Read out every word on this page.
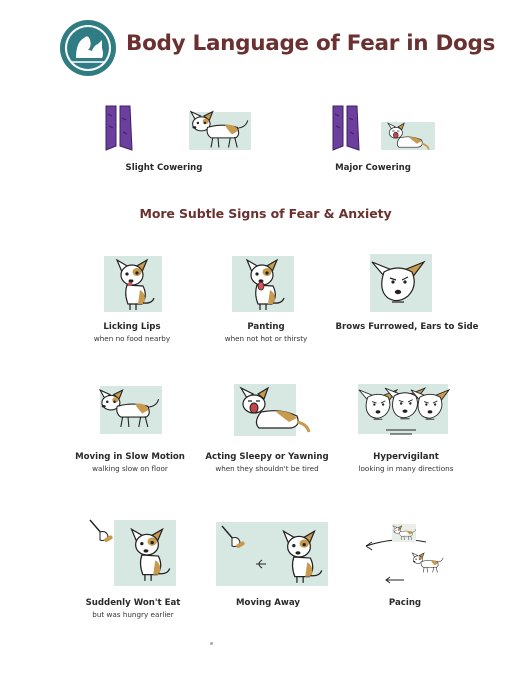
Body Language of Fear in Dogs
Slight Cowering	Major Cowering
More Subtle Signs of Fear & Anxiety
Licking Lips
when no food nearby
Panting
when not hot or thirsty
Brows Furrowed, Ears to Side
Moving in Slow Motion
walking slow on floor
Acting Sleepy or Yawning
when they shouldn't be tired
Hypervigilant
looking in many directions
Suddenly Won't Eat
but was hungry earlier
Moving Away	Pacing
